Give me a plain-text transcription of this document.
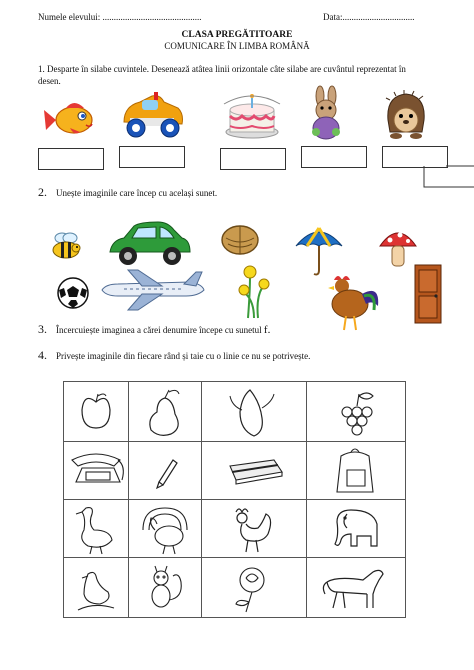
Numele elevului: ............................................	Data:................................
CLASA PREGĂTITOARE
COMUNICARE ÎN LIMBA ROMÂNĂ
1. Desparte în silabe cuvintele. Desenează atâtea linii orizontale câte silabe are cuvântul reprezentat în
desen.
2. Unește imaginile care încep cu același sunet.
3. Încercuiește imaginea a cărei denumire începe cu sunetul f.
4. Privește imaginile din fiecare rând și taie cu o linie ce nu se potrivește.
